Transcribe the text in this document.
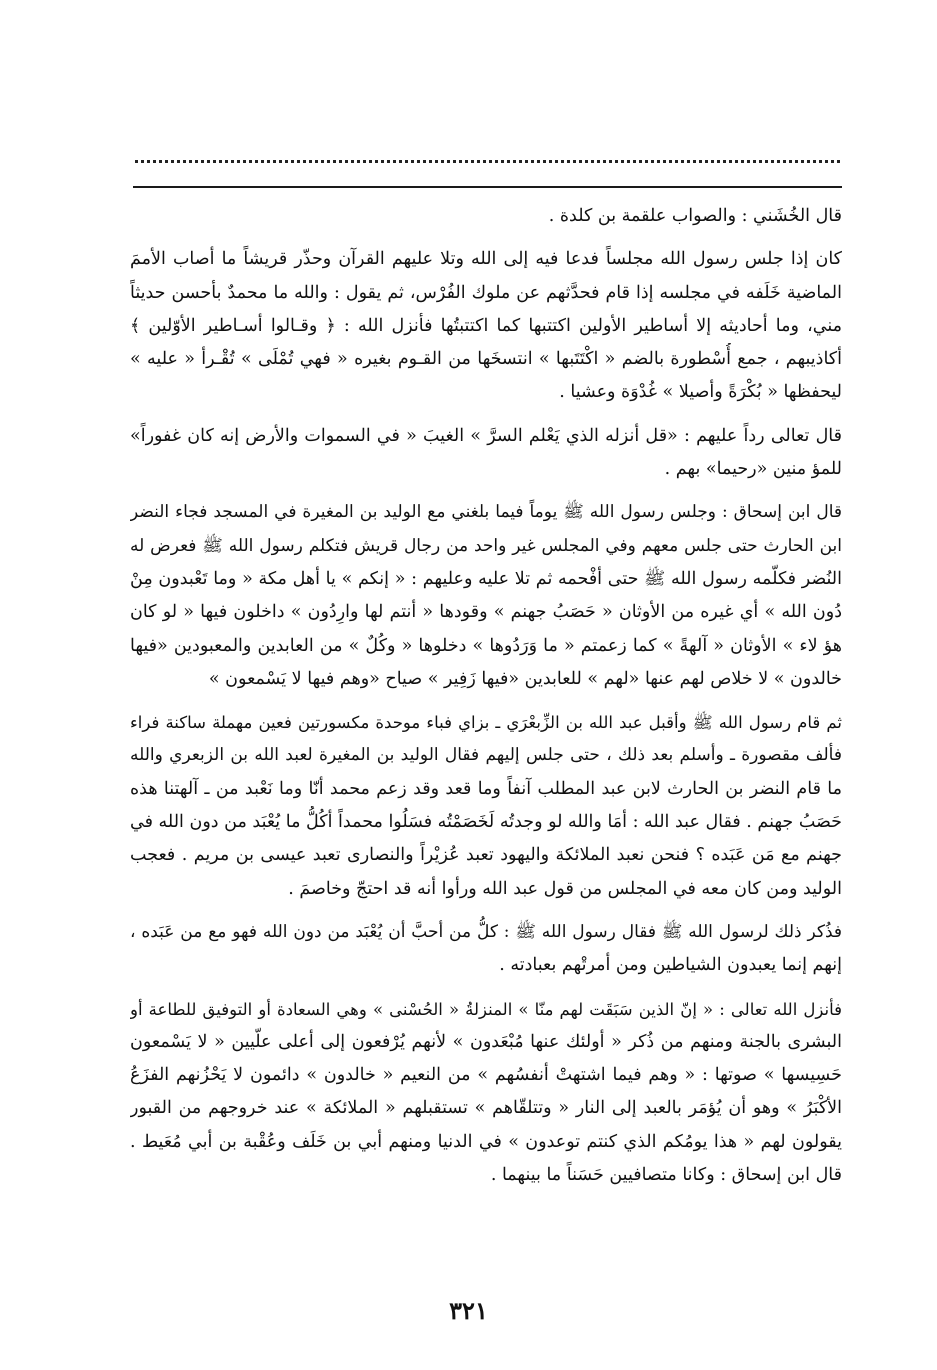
قال الخُشَني : والصواب علقمة بن كلدة .

كان إذا جلس رسول الله مجلساً فدعا فيه إلى الله وتلا عليهم القرآن وحذّر قريشاً ما أصاب الأممَ
الماضية خَلَفه في مجلسه إذا قام فحدَّثهم عن ملوك الفُرْس، ثم يقول : والله ما محمدٌ بأحسن حديثاً
مني، وما أحاديثه إلا أساطير الأولين اكتتبها كما اكتتبتُها فأنزل الله : ﴿ وقـالوا أسـاطير الأوّلين ﴾
أكاذيبهم ، جمع أُسْطورة بالضم « اكْتَتَبها » انتسخَها من القـوم بغيره « فهي تُمْلَى » تُقْـرأ « عليه »
ليحفظها « بُكْرَةً وأصيلا » غُدْوَة وعشيا .

قال تعالى رداً عليهم : «قل أنزله الذي يَعْلم السرَّ » الغيبَ « في السموات والأرض إنه كان غفوراً»
للمؤ منين «رحيما» بهم .

قال ابن إسحاق : وجلس رسول الله ﷺ يوماً فيما بلغني مع الوليد بن المغيرة في المسجد فجاء النضر
ابن الحارث حتى جلس معهم وفي المجلس غير واحد من رجال قريش فتكلم رسول الله ﷺ فعرض له
النُضر فكلّمه رسول الله ﷺ حتى أفْحمه ثم تلا عليه وعليهم : « إنكم » يا أهل مكة « وما تَعْبدون مِنْ
دُون الله » أي غيره من الأوثان « حَصَبُ جهنم » وقودها « أنتم لها وارِدُون » داخلون فيها « لو كان
هؤ لاء » الأوثان « آلهةً » كما زعمتم « ما وَرَدُوها » دخلوها « وكُلٌ » من العابدين والمعبودين «فيها
خالدون » لا خلاص لهم عنها «لهم » للعابدين «فيها زَفِير » صياح «وهم فيها لا يَسْمعون »

ثم قام رسول الله ﷺ وأقبل عبد الله بن الزِّبعْرَي ـ بزاي فباء موحدة مكسورتين فعين مهملة ساكنة فراء
فألف مقصورة ـ وأسلم بعد ذلك ، حتى جلس إليهم فقال الوليد بن المغيرة لعبد الله بن الزبعري والله
ما قام النضر بن الحارث لابن عبد المطلب آنفاً وما قعد وقد زعم محمد أنّا وما نَعْبد من ـ آلهتنا هذه
حَصَبُ جهنم . فقال عبد الله : أمَا والله لو وجدتُه لَخَصَمْتُه فسَلُوا محمداً أكُلُّ ما يُعْبَد من دون الله في
جهنم مع مَن عَبَده ؟ فنحن نعبد الملائكة واليهود تعبد عُزيْراً والنصارى تعبد عيسى بن مريم . فعجب
الوليد ومن كان معه في المجلس من قول عبد الله ورأوا أنه قد احتجّ وخاصمَ .

فذُكر ذلك لرسول الله ﷺ فقال رسول الله ﷺ : كلُّ من أحبَّ أن يُعْبَد من دون الله فهو مع من عَبَده ،
إنهم إنما يعبدون الشياطين ومن أمرتْهم بعبادته .

فأنزل الله تعالى : « إنّ الذين سَبَقَت لهم منّا » المنزلةُ « الحُسْنى » وهي السعادة أو التوفيق للطاعة أو
البشرى بالجنة ومنهم من ذُكر « أولئك عنها مُبْعَدون » لأنهم يُرْفعون إلى أعلى علّيين « لا يَسْمعون
حَسِيسها » صوتها : « وهم فيما اشتهتْ أنفسُهم » من النعيم « خالدون » دائمون لا يَحْزُنهم الفزَعُ
الأكْبَرُ » وهو أن يُؤمَر بالعبد إلى النار « وتتلقّاهم » تستقبلهم « الملائكة » عند خروجهم من القبور
يقولون لهم « هذا يومُكم الذي كنتم توعدون » في الدنيا ومنهم أبي بن خَلَف وعُقْبة بن أبي مُعَيط .
قال ابن إسحاق : وكانا متصافيين حَسَناً ما بينهما .

٣٢١
